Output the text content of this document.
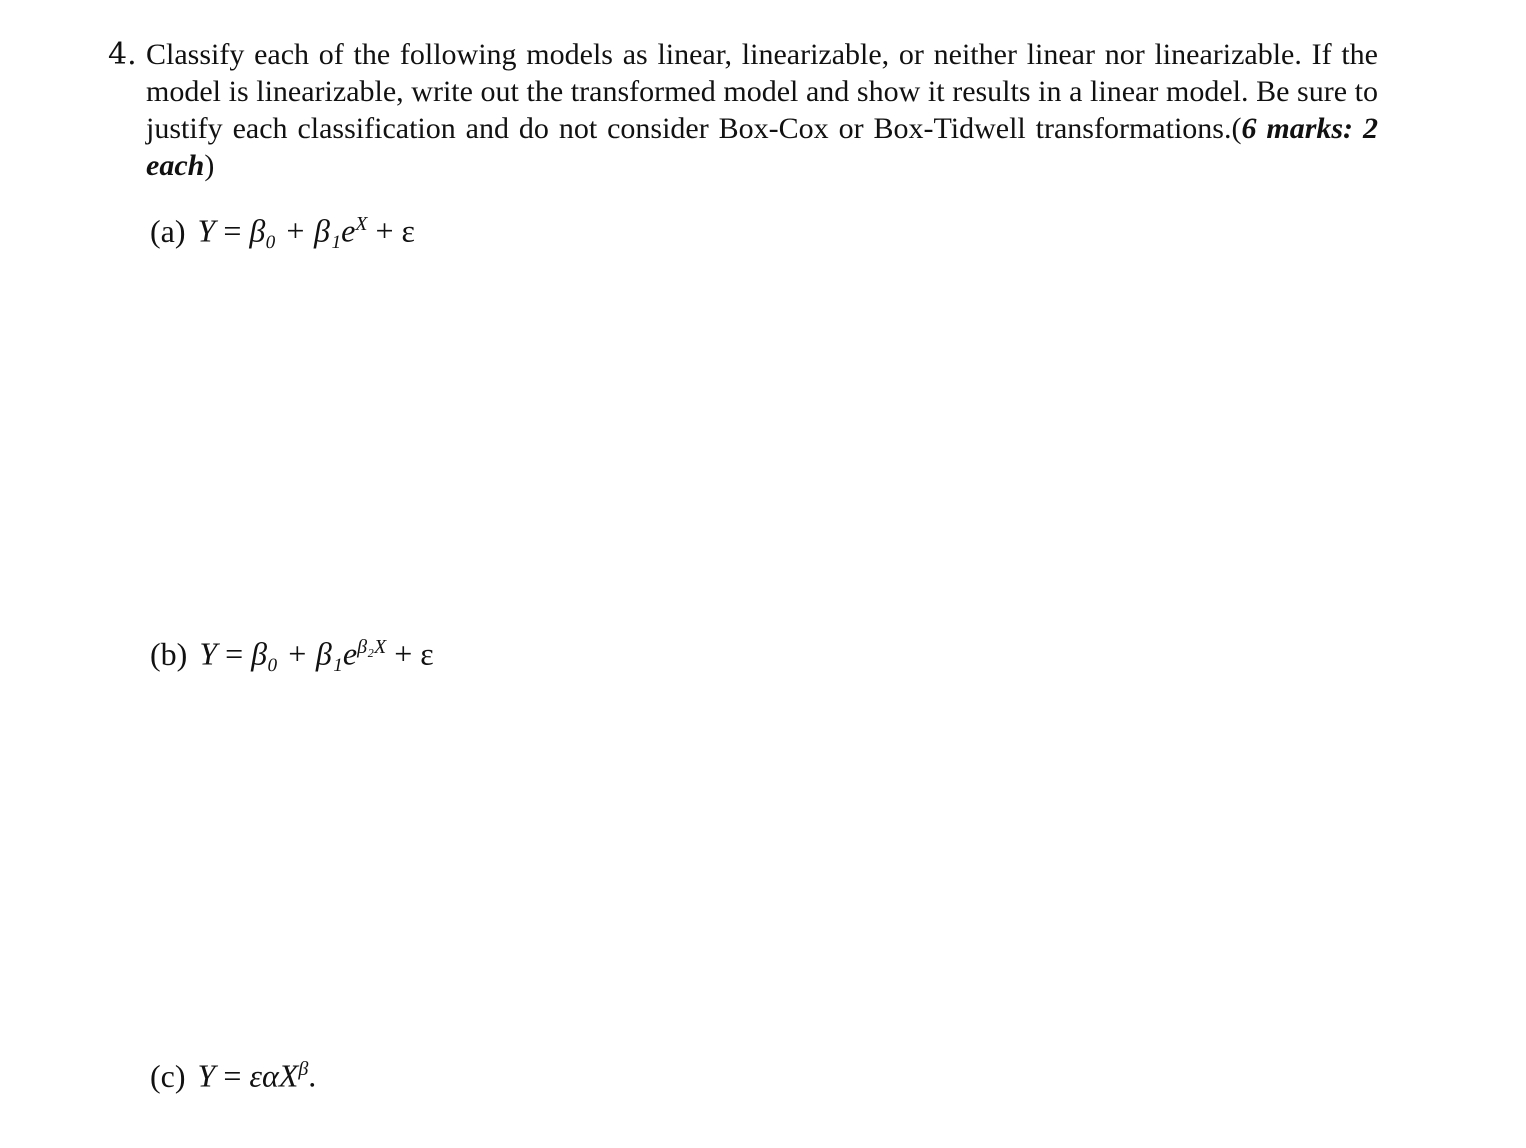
4. Classify each of the following models as linear, linearizable, or neither linear nor linearizable. If the model is linearizable, write out the transformed model and show it results in a linear model. Be sure to justify each classification and do not consider Box-Cox or Box-Tidwell transformations.(6 marks: 2 each)
(a) $Y = \beta_0 + \beta_1e^X + \varepsilon$
(b) $Y = \beta_0 + \beta_1e^{\beta_2X} + \varepsilon$
(c) Y = εαX$^\beta$.
